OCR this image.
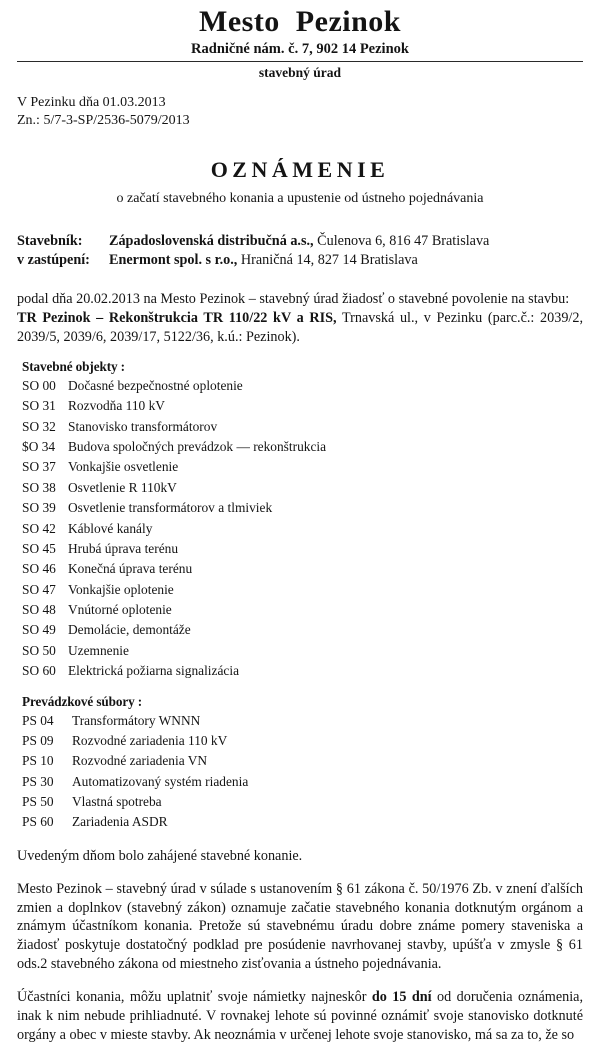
Mesto  Pezinok
Radničné nám. č. 7, 902 14 Pezinok
stavebný úrad
V Pezinku dňa 01.03.2013
Zn.: 5/7-3-SP/2536-5079/2013
OZNÁMENIE
o začatí stavebného konania a upustenie od ústneho pojednávania
Stavebník:	Západoslovenská distribučná a.s., Čulenova 6, 816 47 Bratislava
v zastúpení:	Enermont spol. s r.o., Hraničná 14, 827 14 Bratislava
podal dňa 20.02.2013 na Mesto Pezinok – stavebný úrad žiadosť o stavebné povolenie na stavbu:
TR Pezinok – Rekonštrukcia TR 110/22 kV a RIS, Trnavská ul., v Pezinku (parc.č.: 2039/2, 2039/5, 2039/6, 2039/17, 5122/36, k.ú.: Pezinok).
Stavebné objekty :
SO 00 Dočasné bezpečnostné oplotenie
SO 31 Rozvodňa 110 kV
SO 32 Stanovisko transformátorov
$O 34 Budova spoločných prevádzok — rekonštrukcia
SO 37 Vonkajšie osvetlenie
SO 38 Osvetlenie R 110kV
SO 39 Osvetlenie transformátorov a tlmiviek
SO 42 Káblové kanály
SO 45 Hrubá úprava terénu
SO 46 Konečná úprava terénu
SO 47 Vonkajšie oplotenie
SO 48 Vnútorné oplotenie
SO 49 Demolácie, demontáže
SO 50 Uzemnenie
SO 60 Elektrická požiarna signalizácia
Prevádzkové súbory :
PS 04	Transformátory WNNN
PS 09	Rozvodné zariadenia 110 kV
PS 10	Rozvodné zariadenia VN
PS 30	Automatizovaný systém riadenia
PS 50	Vlastná spotreba
PS 60	Zariadenia ASDR
Uvedeným dňom bolo zahájené stavebné konanie.
Mesto Pezinok – stavebný úrad v súlade s ustanovením § 61 zákona č. 50/1976 Zb. v znení ďalších zmien a doplnkov (stavebný zákon) oznamuje začatie stavebného konania dotknutým orgánom a známym účastníkom konania. Pretože sú stavebnému úradu dobre známe pomery staveniska a žiadosť poskytuje dostatočný podklad pre posúdenie navrhovanej stavby, upúšťa v zmysle § 61 ods.2 stavebného zákona od miestneho zisťovania a ústneho pojednávania.
Účastníci konania, môžu uplatniť svoje námietky najneskôr do 15 dní od doručenia oznámenia, inak k nim nebude prihliadnuté. V rovnakej lehote sú povinné oznámiť svoje stanovisko dotknuté orgány a obec v mieste stavby. Ak neoznámia v určenej lehote svoje stanovisko, má sa za to, že so
